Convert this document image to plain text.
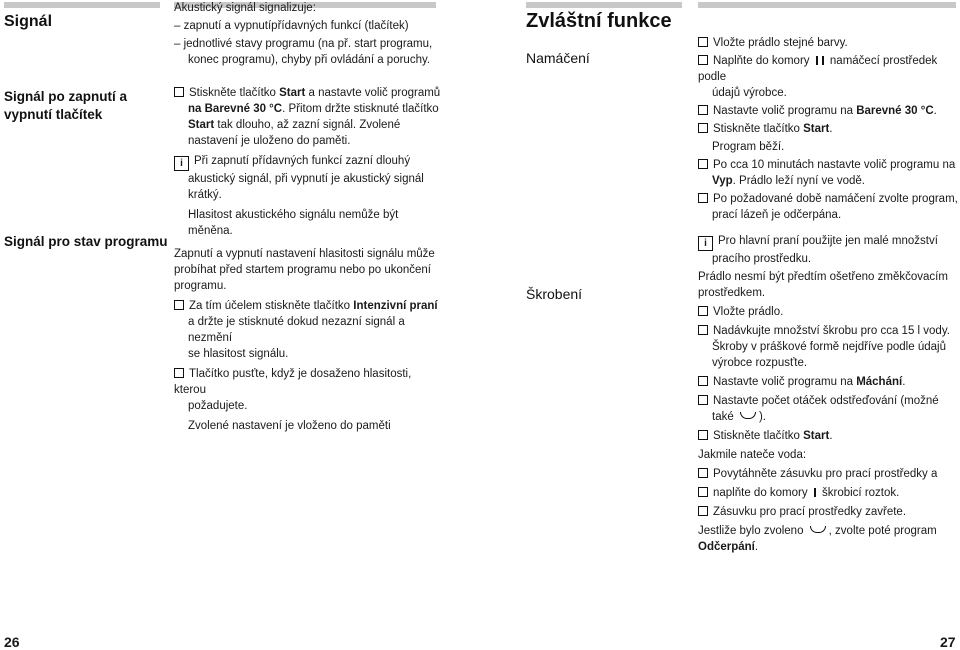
Signál
Signál po zapnutí a vypnutí tlačítek
Signál pro stav programu
Akustický signál signalizuje:
– zapnutí a vypnutípřídavných funkcí (tlačítek)
– jednotlivé stavy programu (na př. start programu,
konec programu), chyby při ovládání a poruchy.
Stiskněte tlačítko Start a nastavte volič programů
na Barevné 30 °C. Přitom držte stisknuté tlačítko
Start tak dlouho, až zazní signál. Zvolené
nastavení je uloženo do paměti.
i Při zapnutí přídavných funkcí zazní dlouhý
akustický signál, při vypnutí je akustický signál
krátký.
Hlasitost akustického signálu nemůže být
měněna.
Zapnutí a vypnutí nastavení hlasitosti signálu může
probíhat před startem programu nebo po ukončení
programu.
Za tím účelem stiskněte tlačítko Intenzivní praní
a držte je stisknuté dokud nezazní signál a nezmění
se hlasitost signálu.
Tlačítko pusťte, když je dosaženo hlasitosti, kterou
požadujete.
Zvolené nastavení je vloženo do paměti
26
Zvláštní funkce
Namáčení
Škrobení
Vložte prádlo stejné barvy.
Naplňte do komory  namáčecí prostředek podle
údajů výrobce.
Nastavte volič programu na Barevné 30 °C.
Stiskněte tlačítko Start.
Program běží.
Po cca 10 minutách nastavte volič programu na
Vyp. Prádlo leží nyní ve vodě.
Po požadované době namáčení zvolte program,
prací lázeň je odčerpána.
i Pro hlavní praní použijte jen malé množství
pracího prostředku.
Prádlo nesmí být předtím ošetřeno změkčovacím
prostředkem.
Vložte prádlo.
Nadávkujte množství škrobu pro cca 15 l vody.
Škroby v práškové formě nejdříve podle údajů
výrobce rozpusťte.
Nastavte volič programu na Máchání.
Nastavte počet otáček odstřeďování (možné
také ).
Stiskněte tlačítko Start.
Jakmile nateče voda:
Povytáhněte zásuvku pro prací prostředky a
naplňte do komory  škrobicí roztok.
Zásuvku pro prací prostředky zavřete.
Jestliže bylo zvoleno , zvolte poté program
Odčerpání.
27
